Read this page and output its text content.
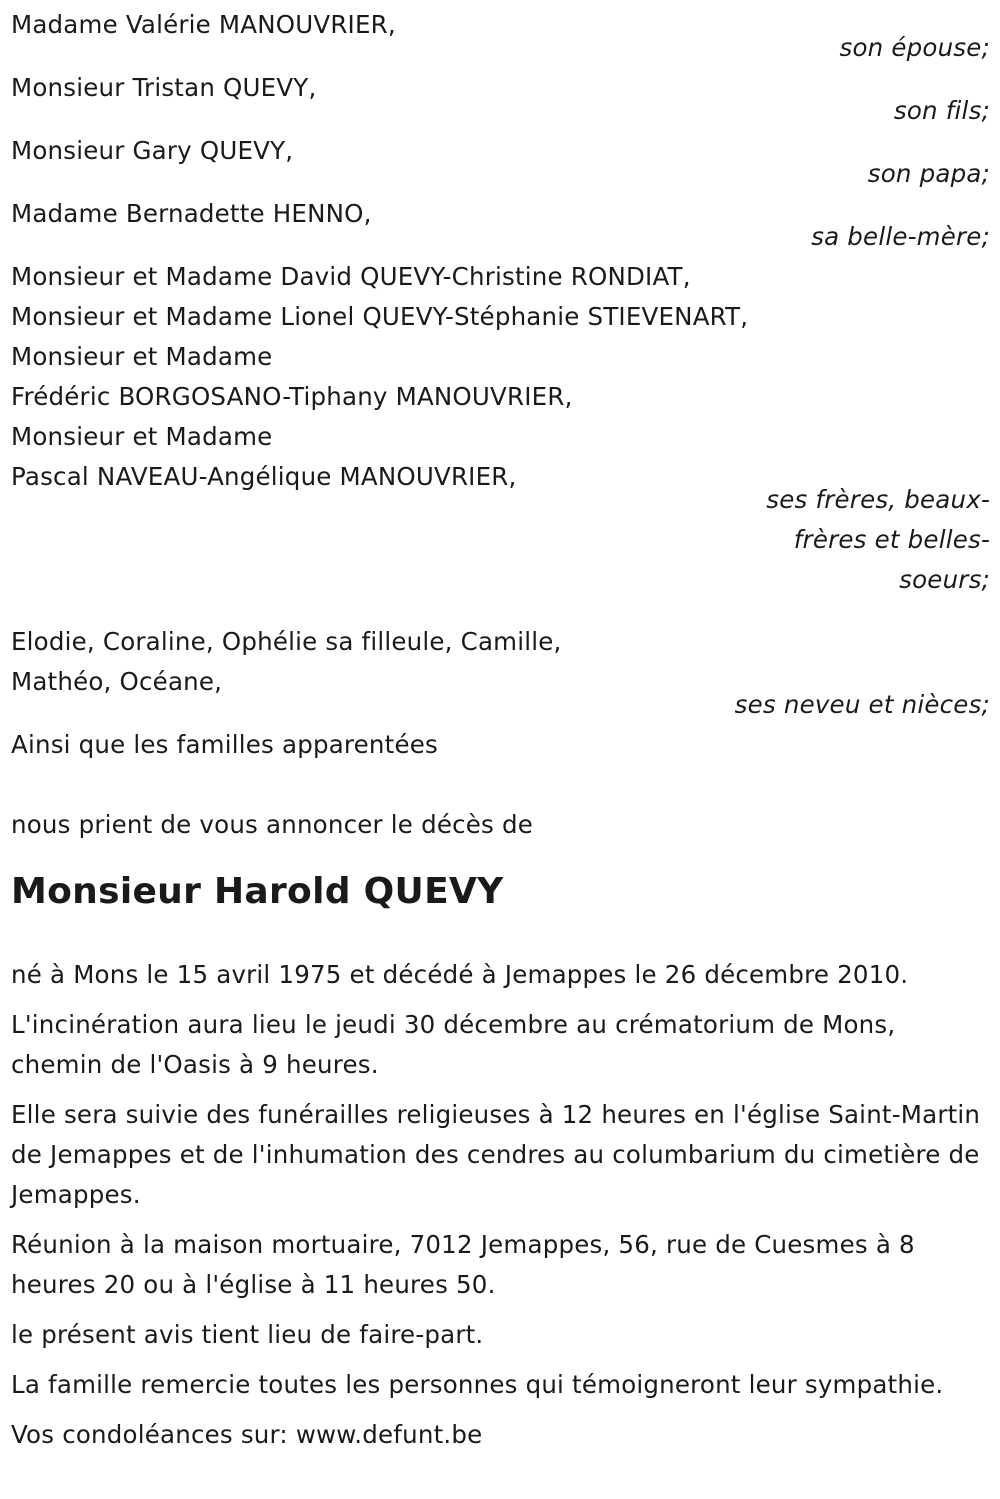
Madame Valérie MANOUVRIER,
son épouse;
Monsieur Tristan QUEVY,
son fils;
Monsieur Gary QUEVY,
son papa;
Madame Bernadette HENNO,
sa belle-mère;
Monsieur et Madame David QUEVY-Christine RONDIAT,
Monsieur et Madame Lionel QUEVY-Stéphanie STIEVENART,
Monsieur et Madame
Frédéric BORGOSANO-Tiphany MANOUVRIER,
Monsieur et Madame
Pascal NAVEAU-Angélique MANOUVRIER,
ses frères, beaux-
frères et belles-
soeurs;
Elodie, Coraline, Ophélie sa filleule, Camille,
Mathéo, Océane,
ses neveu et nièces;
Ainsi que les familles apparentées
nous prient de vous annoncer le décès de
Monsieur Harold QUEVY

né à Mons le 15 avril 1975 et décédé à Jemappes le 26 décembre 2010.

L'incinération aura lieu le jeudi 30 décembre au crématorium de Mons, chemin de l'Oasis à 9 heures.

Elle sera suivie des funérailles religieuses à 12 heures en l'église Saint-Martin de Jemappes et de l'inhumation des cendres au columbarium du cimetière de Jemappes.

Réunion à la maison mortuaire, 7012 Jemappes, 56, rue de Cuesmes à 8 heures 20 ou à l'église à 11 heures 50.

le présent avis tient lieu de faire-part.

La famille remercie toutes les personnes qui témoigneront leur sympathie.

Vos condoléances sur: www.defunt.be
